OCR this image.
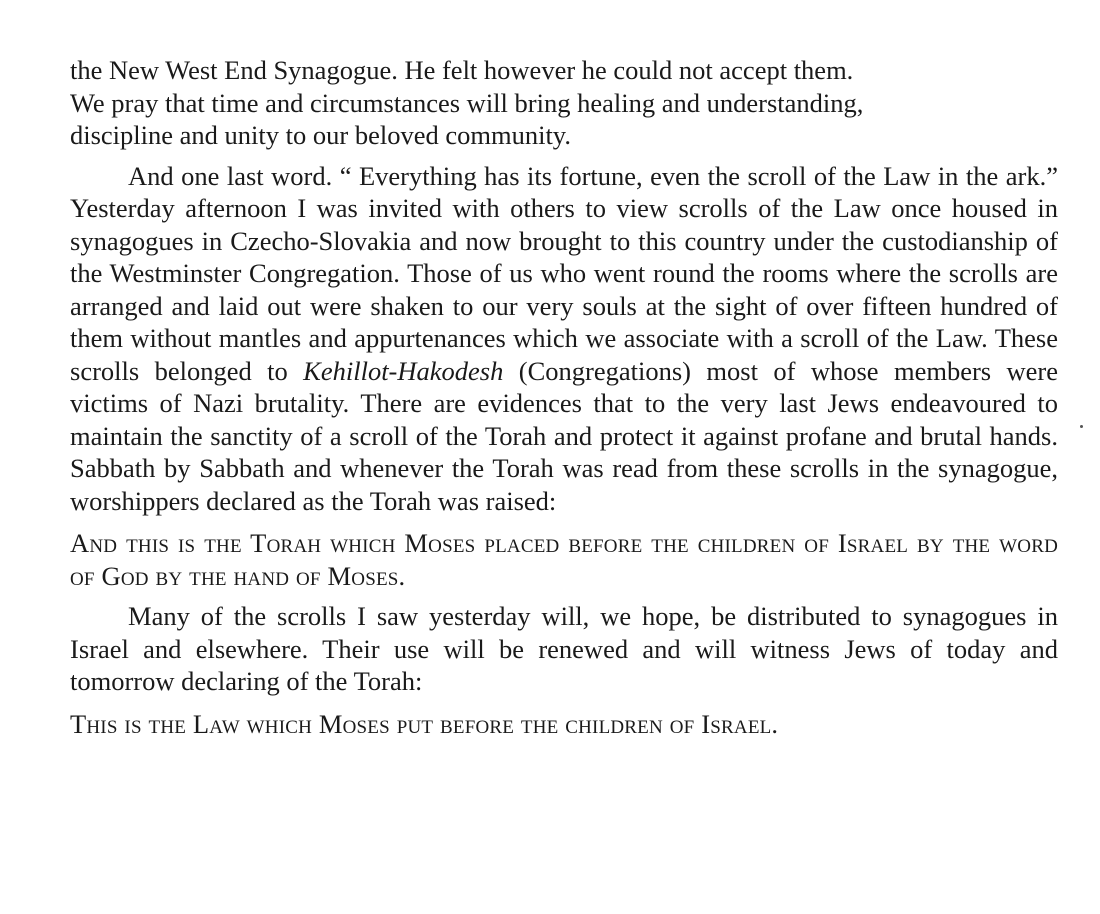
the New West End Synagogue. He felt however he could not accept them.
We pray that time and circumstances will bring healing and understanding,
discipline and unity to our beloved community.

And one last word. “ Everything has its fortune, even the scroll of the Law in the ark.” Yesterday afternoon I was invited with others to view scrolls of the Law once housed in synagogues in Czecho-Slovakia and now brought to this country under the custodianship of the Westminster Congregation. Those of us who went round the rooms where the scrolls are arranged and laid out were shaken to our very souls at the sight of over fifteen hundred of them without mantles and appurtenances which we associate with a scroll of the Law. These scrolls belonged to Kehillot-Hakodesh (Congregations) most of whose members were victims of Nazi brutality. There are evidences that to the very last Jews endeavoured to maintain the sanctity of a scroll of the Torah and protect it against profane and brutal hands. Sabbath by Sabbath and whenever the Torah was read from these scrolls in the synagogue, worshippers declared as the Torah was raised:

And this is the Torah which Moses placed before the children of Israel by the word of God by the hand of Moses.

Many of the scrolls I saw yesterday will, we hope, be distributed to synagogues in Israel and elsewhere. Their use will be renewed and will witness Jews of today and tomorrow declaring of the Torah:

This is the Law which Moses put before the children of Israel.
